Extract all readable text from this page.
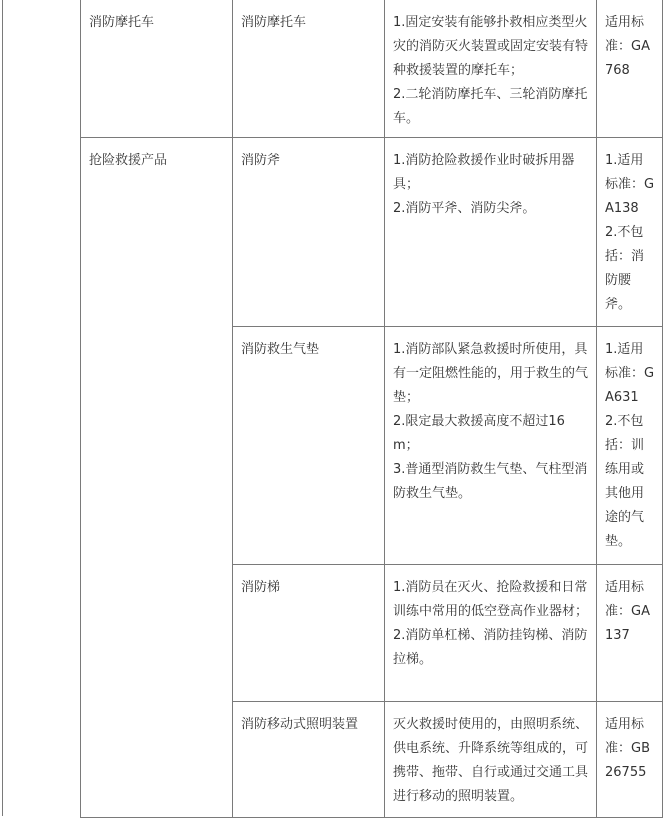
消防摩托车	消防摩托车	1.固定安装有能够扑救相应类型火灾的消防灭火装置或固定安装有特种救援装置的摩托车；
2.二轮消防摩托车、三轮消防摩托车。	适用标准：GA768

抢险救援产品	消防斧	1.消防抢险救援作业时破拆用器具；
2.消防平斧、消防尖斧。	1.适用标准：GA138
2.不包括：消防腰斧。

	消防救生气垫	1.消防部队紧急救援时所使用，具有一定阻燃性能的，用于救生的气垫；
2.限定最大救援高度不超过16m；
3.普通型消防救生气垫、气柱型消防救生气垫。	1.适用标准：GA631
2.不包括：训练用或其他用途的气垫。

	消防梯	1.消防员在灭火、抢险救援和日常训练中常用的低空登高作业器材；
2.消防单杠梯、消防挂钩梯、消防拉梯。	适用标准：GA137

	消防移动式照明装置	灭火救援时使用的，由照明系统、供电系统、升降系统等组成的，可携带、拖带、自行或通过交通工具进行移动的照明装置。	适用标准：GB26755
